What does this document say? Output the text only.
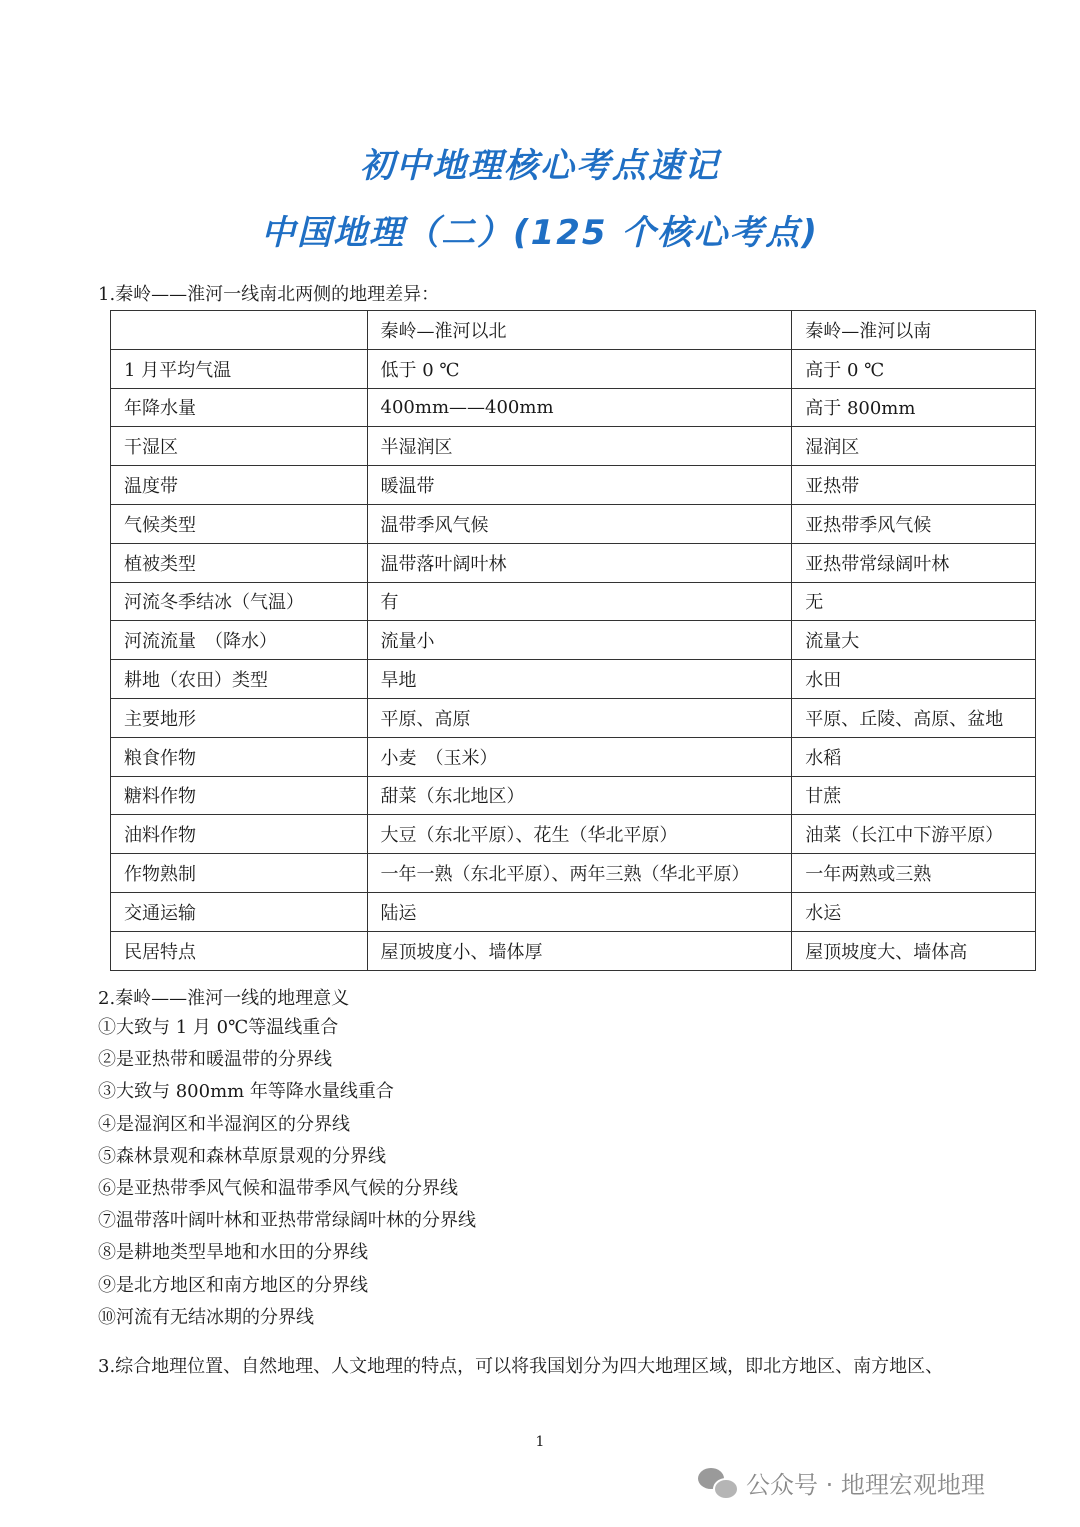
初中地理核心考点速记
中国地理（二）(125 个核心考点)
1.秦岭——淮河一线南北两侧的地理差异：
	秦岭—淮河以北	秦岭—淮河以南
1 月平均气温	低于 0 ℃	高于 0 ℃
年降水量	400mm——400mm	高于 800mm
干湿区	半湿润区	湿润区
温度带	暖温带	亚热带
气候类型	温带季风气候	亚热带季风气候
植被类型	温带落叶阔叶林	亚热带常绿阔叶林
河流冬季结冰（气温）	有	无
河流流量　（降水）	流量小	流量大
耕地（农田）类型	旱地	水田
主要地形	平原、高原	平原、丘陵、高原、盆地
粮食作物	小麦　（玉米）	水稻
糖料作物	甜菜（东北地区）	甘蔗
油料作物	大豆（东北平原）、花生（华北平原）	油菜（长江中下游平原）
作物熟制	一年一熟（东北平原）、两年三熟（华北平原）	一年两熟或三熟
交通运输	陆运	水运
民居特点	屋顶坡度小、墙体厚	屋顶坡度大、墙体高
2.秦岭——淮河一线的地理意义
①大致与 1 月 0℃等温线重合
②是亚热带和暖温带的分界线
③大致与 800mm 年等降水量线重合
④是湿润区和半湿润区的分界线
⑤森林景观和森林草原景观的分界线
⑥是亚热带季风气候和温带季风气候的分界线
⑦温带落叶阔叶林和亚热带常绿阔叶林的分界线
⑧是耕地类型旱地和水田的分界线
⑨是北方地区和南方地区的分界线
⑩河流有无结冰期的分界线
3.综合地理位置、自然地理、人文地理的特点，可以将我国划分为四大地理区域，即北方地区、南方地区、
1
公众号 · 地理宏观地理
